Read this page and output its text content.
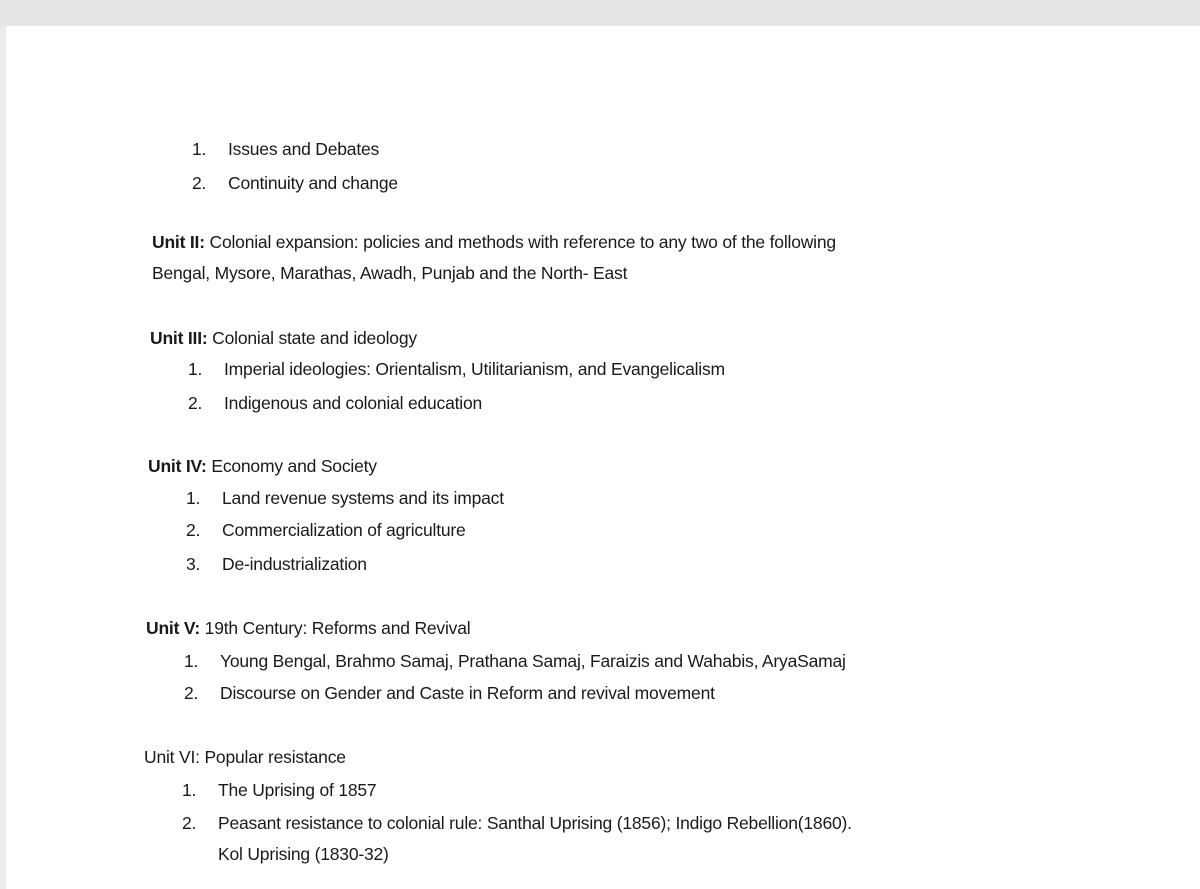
1. Issues and Debates
2. Continuity and change
Unit II: Colonial expansion: policies and methods with reference to any two of the following
Bengal, Mysore, Marathas, Awadh, Punjab and the North- East
Unit III: Colonial state and ideology
1. Imperial ideologies: Orientalism, Utilitarianism, and Evangelicalism
2. Indigenous and colonial education
Unit IV: Economy and Society
1. Land revenue systems and its impact
2. Commercialization of agriculture
3. De-industrialization
Unit V: 19th Century: Reforms and Revival
1. Young Bengal, Brahmo Samaj, Prathana Samaj, Faraizis and Wahabis, AryaSamaj
2. Discourse on Gender and Caste in Reform and revival movement
Unit VI: Popular resistance
1. The Uprising of 1857
2. Peasant resistance to colonial rule: Santhal Uprising (1856); Indigo Rebellion(1860).
Kol Uprising (1830-32)
